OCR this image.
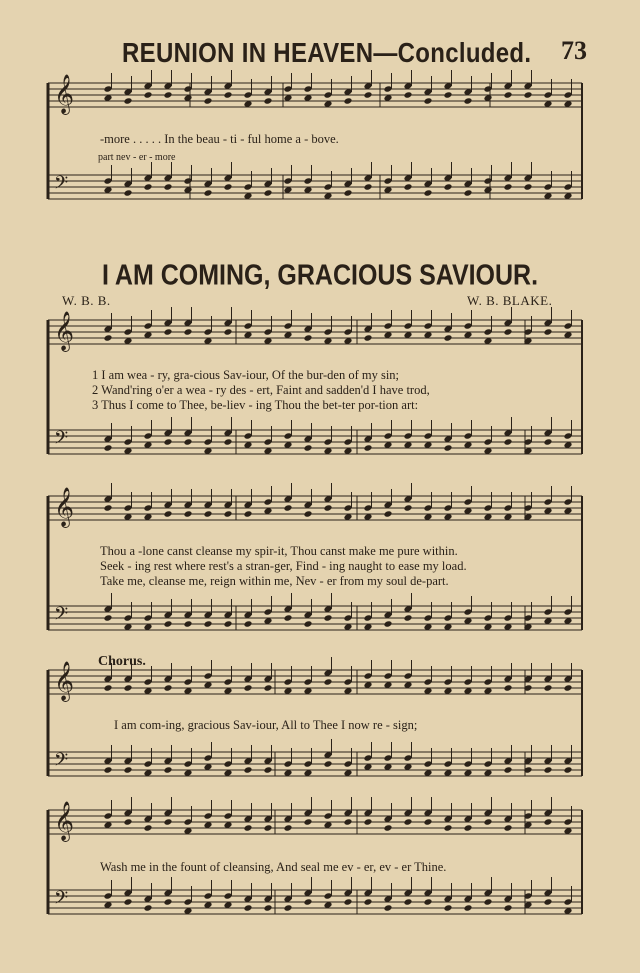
REUNION IN HEAVEN—Concluded. 73
𝄞
𝄢
𝄞
𝄢
𝄞
𝄢
𝄞
𝄢
𝄞
𝄢
-more . . . . . In the beau - ti - ful home a - bove.
part nev - er - more
I AM COMING, GRACIOUS SAVIOUR.
W. B. B.	W. B. BLAKE.
1 I am wea - ry, gra-cious Sav-iour, Of the bur-den of my sin;
2 Wand'ring o'er a wea - ry des - ert, Faint and sadden'd I have trod,
3 Thus I come to Thee, be-liev - ing Thou the bet-ter por-tion art:
Thou a -lone canst cleanse my spir-it, Thou canst make me pure within.
Seek - ing rest where rest's a stran-ger, Find - ing naught to ease my load.
Take me, cleanse me, reign within me, Nev - er from my soul de-part.
Chorus.
I am com-ing, gracious Sav-iour, All to Thee I now re - sign;
Wash me in the fount of cleansing, And seal me ev - er, ev - er Thine.
